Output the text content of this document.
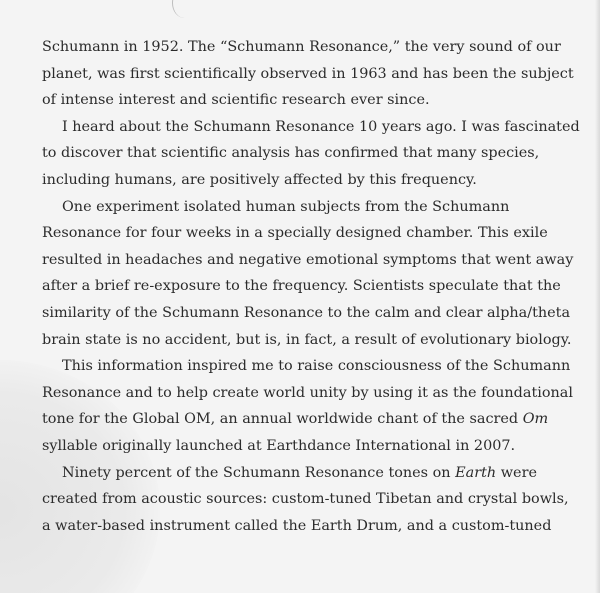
Schumann in 1952. The “Schumann Resonance,” the very sound of our
planet, was first scientifically observed in 1963 and has been the subject
of intense interest and scientific research ever since.

I heard about the Schumann Resonance 10 years ago. I was fascinated
to discover that scientific analysis has confirmed that many species,
including humans, are positively affected by this frequency.

One experiment isolated human subjects from the Schumann
Resonance for four weeks in a specially designed chamber. This exile
resulted in headaches and negative emotional symptoms that went away
after a brief re-exposure to the frequency. Scientists speculate that the
similarity of the Schumann Resonance to the calm and clear alpha/theta
brain state is no accident, but is, in fact, a result of evolutionary biology.

This information inspired me to raise consciousness of the Schumann
Resonance and to help create world unity by using it as the foundational
tone for the Global OM, an annual worldwide chant of the sacred Om
syllable originally launched at Earthdance International in 2007.

Ninety percent of the Schumann Resonance tones on Earth were
created from acoustic sources: custom-tuned Tibetan and crystal bowls,
a water-based instrument called the Earth Drum, and a custom-tuned
